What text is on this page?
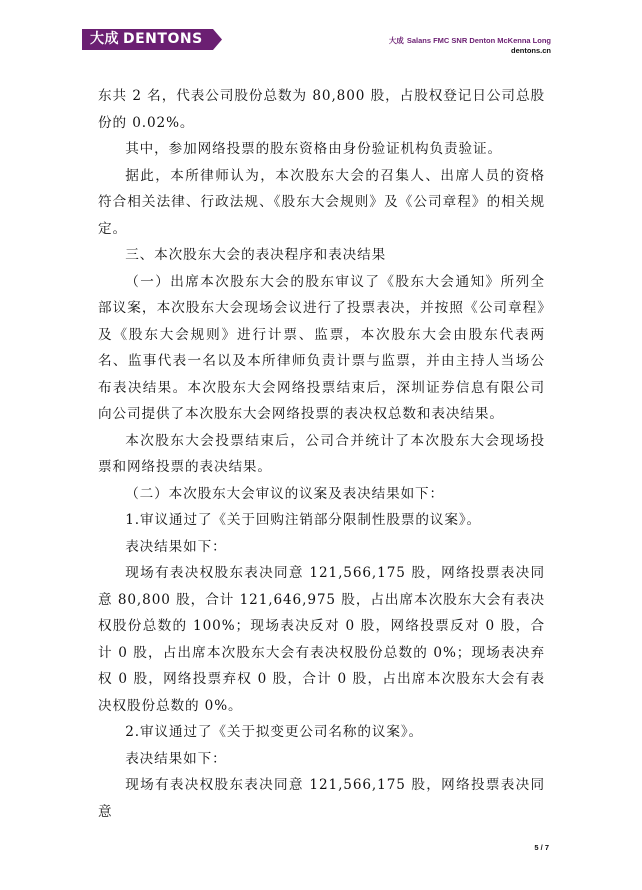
大成 DENTONS	大成 Salans FMC SNR Denton McKenna Long
dentons.cn

东共 2 名，代表公司股份总数为 80,800 股，占股权登记日公司总股份的 0.02%。

其中，参加网络投票的股东资格由身份验证机构负责验证。

据此，本所律师认为，本次股东大会的召集人、出席人员的资格符合相关法律、行政法规、《股东大会规则》及《公司章程》的相关规定。

三、本次股东大会的表决程序和表决结果

（一）出席本次股东大会的股东审议了《股东大会通知》所列全部议案，本次股东大会现场会议进行了投票表决，并按照《公司章程》及《股东大会规则》进行计票、监票，本次股东大会由股东代表两名、监事代表一名以及本所律师负责计票与监票，并由主持人当场公布表决结果。本次股东大会网络投票结束后，深圳证券信息有限公司向公司提供了本次股东大会网络投票的表决权总数和表决结果。

本次股东大会投票结束后，公司合并统计了本次股东大会现场投票和网络投票的表决结果。

（二）本次股东大会审议的议案及表决结果如下：

1.审议通过了《关于回购注销部分限制性股票的议案》。

表决结果如下：

现场有表决权股东表决同意 121,566,175 股，网络投票表决同意 80,800 股，合计 121,646,975 股，占出席本次股东大会有表决权股份总数的 100%；现场表决反对 0 股，网络投票反对 0 股，合计 0 股，占出席本次股东大会有表决权股份总数的 0%；现场表决弃权 0 股，网络投票弃权 0 股，合计 0 股，占出席本次股东大会有表决权股份总数的 0%。

2.审议通过了《关于拟变更公司名称的议案》。

表决结果如下：

现场有表决权股东表决同意 121,566,175 股，网络投票表决同意

5 / 7
